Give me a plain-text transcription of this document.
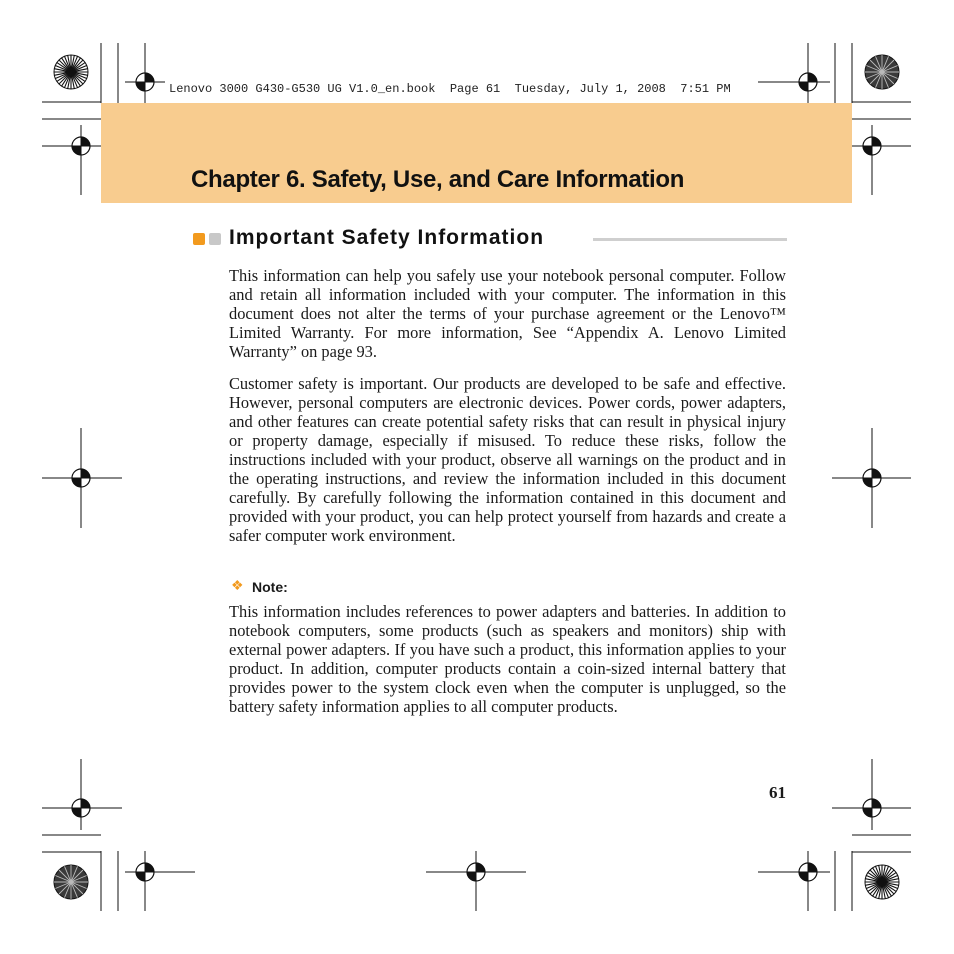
Lenovo 3000 G430-G530 UG V1.0_en.book  Page 61  Tuesday, July 1, 2008  7:51 PM
Chapter 6. Safety, Use, and Care Information
Important Safety Information

This information can help you safely use your notebook personal computer. Follow and retain all information included with your computer. The information in this document does not alter the terms of your purchase agreement or the Lenovo™ Limited Warranty. For more information, See “Appendix A. Lenovo Limited Warranty” on page 93.

Customer safety is important. Our products are developed to be safe and effective. However, personal computers are electronic devices. Power cords, power adapters, and other features can create potential safety risks that can result in physical injury or property damage, especially if misused. To reduce these risks, follow the instructions included with your product, observe all warnings on the product and in the operating instructions, and review the information included in this document carefully. By carefully following the information contained in this document and provided with your product, you can help protect yourself from hazards and create a safer computer work environment.

❖ Note:

This information includes references to power adapters and batteries. In addition to notebook computers, some products (such as speakers and monitors) ship with external power adapters. If you have such a product, this information applies to your product. In addition, computer products contain a coin-sized internal battery that provides power to the system clock even when the computer is unplugged, so the battery safety information applies to all computer products.

61
